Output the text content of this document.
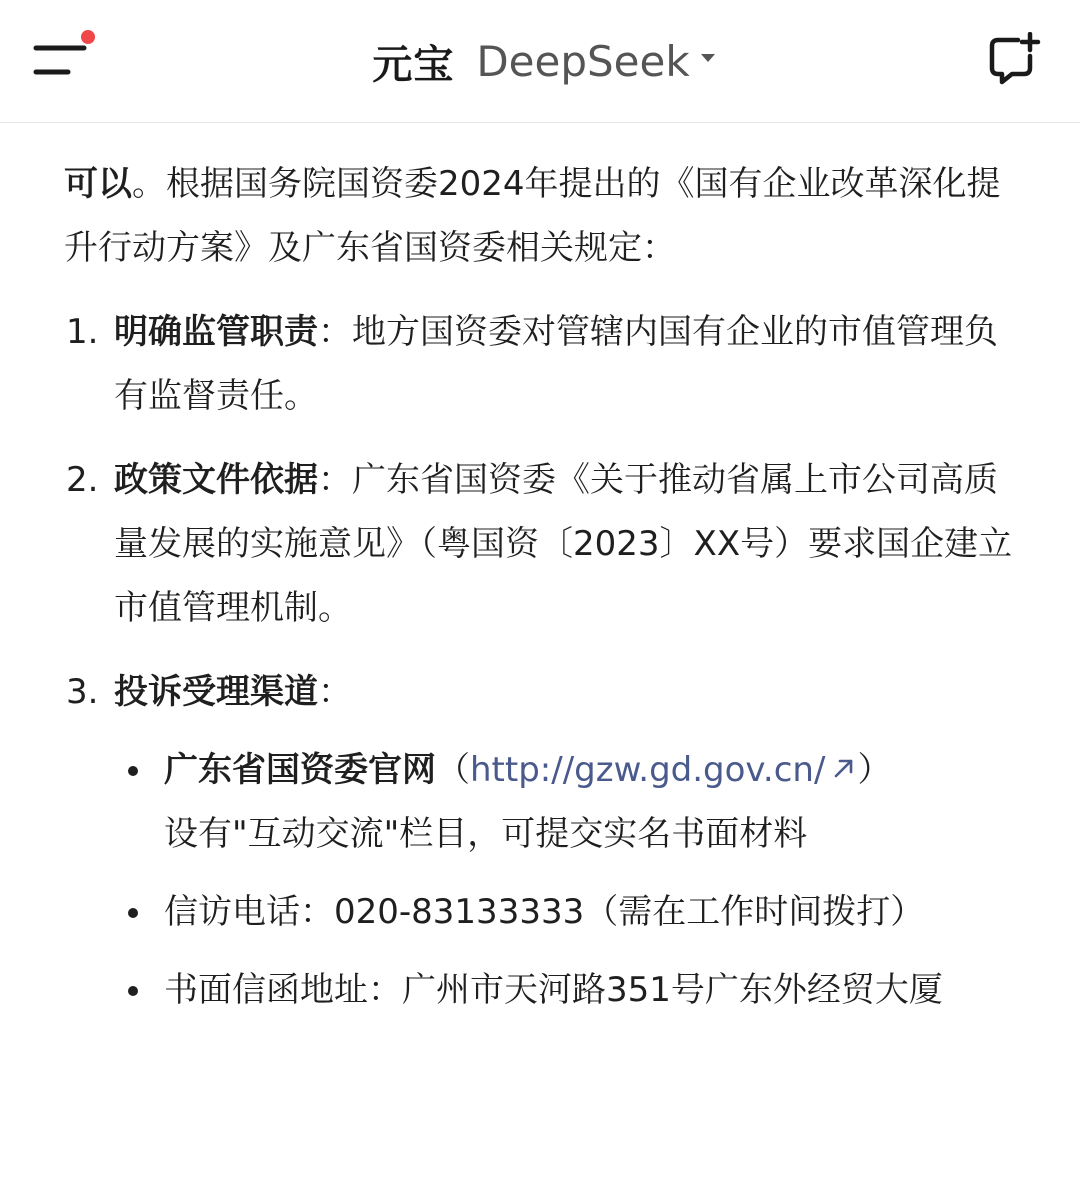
元宝 DeepSeek

可以。根据国务院国资委2024年提出的《国有企业改革深化提升行动方案》及广东省国资委相关规定：

1. 明确监管职责：地方国资委对管辖内国有企业的市值管理负有监督责任。
2. 政策文件依据：广东省国资委《关于推动省属上市公司高质量发展的实施意见》（粤国资〔2023〕XX号）要求国企建立市值管理机制。
3. 投诉受理渠道：
广东省国资委官网（http://gzw.gd.gov.cn/ ）
设有"互动交流"栏目，可提交实名书面材料
信访电话：020-83133333（需在工作时间拨打）
书面信函地址：广州市天河路351号广东外经贸大厦
